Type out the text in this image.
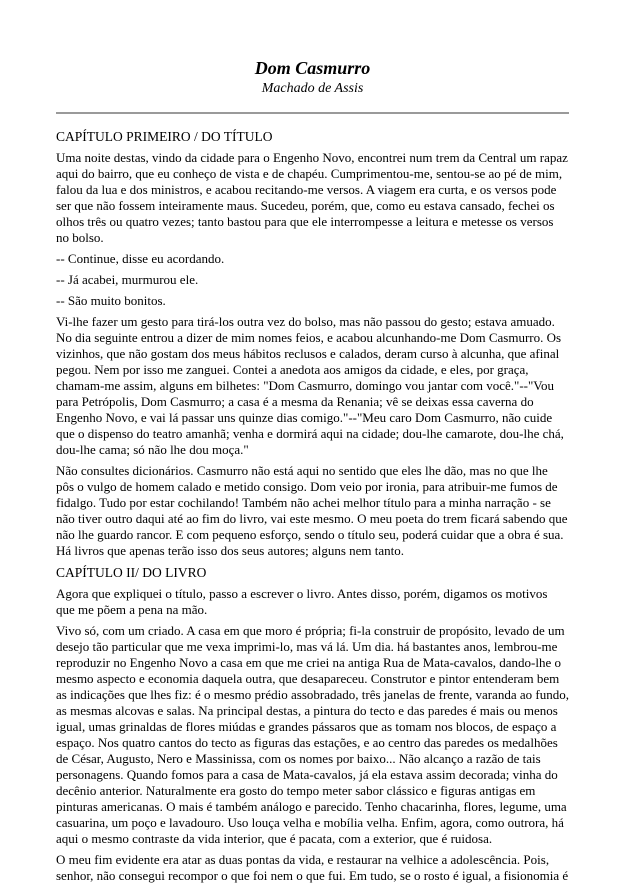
Dom Casmurro
Machado de Assis

CAPÍTULO PRIMEIRO / DO TÍTULO

Uma noite destas, vindo da cidade para o Engenho Novo, encontrei num trem da Central um rapaz aqui do bairro, que eu conheço de vista e de chapéu. Cumprimentou-me, sentou-se ao pé de mim, falou da lua e dos ministros, e acabou recitando-me versos. A viagem era curta, e os versos pode ser que não fossem inteiramente maus. Sucedeu, porém, que, como eu estava cansado, fechei os olhos três ou quatro vezes; tanto bastou para que ele interrompesse a leitura e metesse os versos no bolso.

-- Continue, disse eu acordando.

-- Já acabei, murmurou ele.

-- São muito bonitos.

Vi-lhe fazer um gesto para tirá-los outra vez do bolso, mas não passou do gesto; estava amuado. No dia seguinte entrou a dizer de mim nomes feios, e acabou alcunhando-me Dom Casmurro. Os vizinhos, que não gostam dos meus hábitos reclusos e calados, deram curso à alcunha, que afinal pegou. Nem por isso me zanguei. Contei a anedota aos amigos da cidade, e eles, por graça, chamam-me assim, alguns em bilhetes: "Dom Casmurro, domingo vou jantar com você."--"Vou para Petrópolis, Dom Casmurro; a casa é a mesma da Renania; vê se deixas essa caverna do Engenho Novo, e vai lá passar uns quinze dias comigo."--"Meu caro Dom Casmurro, não cuide que o dispenso do teatro amanhã; venha e dormirá aqui na cidade; dou-lhe camarote, dou-lhe chá, dou-lhe cama; só não lhe dou moça."

Não consultes dicionários. Casmurro não está aqui no sentido que eles lhe dão, mas no que lhe pôs o vulgo de homem calado e metido consigo. Dom veio por ironia, para atribuir-me fumos de fidalgo. Tudo por estar cochilando! Também não achei melhor título para a minha narração - se não tiver outro daqui até ao fim do livro, vai este mesmo. O meu poeta do trem ficará sabendo que não lhe guardo rancor. E com pequeno esforço, sendo o título seu, poderá cuidar que a obra é sua. Há livros que apenas terão isso dos seus autores; alguns nem tanto.

CAPÍTULO II/ DO LIVRO

Agora que expliquei o título, passo a escrever o livro. Antes disso, porém, digamos os motivos que me põem a pena na mão.

Vivo só, com um criado. A casa em que moro é própria; fi-la construir de propósito, levado de um desejo tão particular que me vexa imprimi-lo, mas vá lá. Um dia. há bastantes anos, lembrou-me reproduzir no Engenho Novo a casa em que me criei na antiga Rua de Mata-cavalos, dando-lhe o mesmo aspecto e economia daquela outra, que desapareceu. Construtor e pintor entenderam bem as indicações que lhes fiz: é o mesmo prédio assobradado, três janelas de frente, varanda ao fundo, as mesmas alcovas e salas. Na principal destas, a pintura do tecto e das paredes é mais ou menos igual, umas grinaldas de flores miúdas e grandes pássaros que as tomam nos blocos, de espaço a espaço. Nos quatro cantos do tecto as figuras das estações, e ao centro das paredes os medalhões de César, Augusto, Nero e Massinissa, com os nomes por baixo... Não alcanço a razão de tais personagens. Quando fomos para a casa de Mata-cavalos, já ela estava assim decorada; vinha do decênio anterior. Naturalmente era gosto do tempo meter sabor clássico e figuras antigas em pinturas americanas. O mais é também análogo e parecido. Tenho chacarinha, flores, legume, uma casuarina, um poço e lavadouro. Uso louça velha e mobília velha. Enfim, agora, como outrora, há aqui o mesmo contraste da vida interior, que é pacata, com a exterior, que é ruidosa.

O meu fim evidente era atar as duas pontas da vida, e restaurar na velhice a adolescência. Pois, senhor, não consegui recompor o que foi nem o que fui. Em tudo, se o rosto é igual, a fisionomia é
